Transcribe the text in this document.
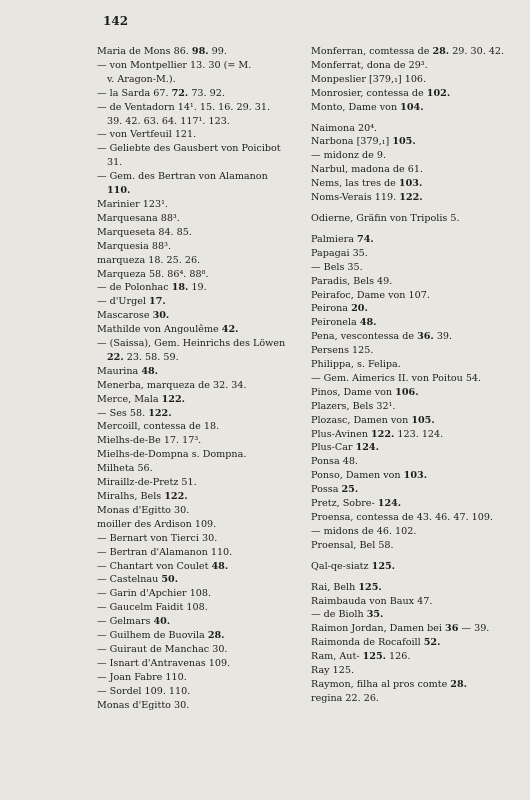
142
Maria de Mons 86. 98. 99.
— von Montpellier 13. 30 (= M.
v. Aragon-M.).
— la Sarda 67. 72. 73. 92.
— de Ventadorn 14¹. 15. 16. 29. 31.
39. 42. 63. 64. 117¹. 123.
— von Vertfeuil 121.
— Geliebte des Gausbert von Poicibot
31.
— Gem. des Bertran von Alamanon
110.
Marinier 123¹.
Marquesana 88³.
Marqueseta 84. 85.
Marquesia 88³.
marqueza 18. 25. 26.
Marqueza 58. 86⁴. 88⁸.
— de Polonhac 18. 19.
— d'Urgel 17.
Mascarose 30.
Mathilde von Angoulême 42.
— (Saissa), Gem. Heinrichs des Löwen
22. 23. 58. 59.
Maurina 48.
Menerba, marqueza de 32. 34.
Merce, Mala 122.
— Ses 58. 122.
Mercoill, contessa de 18.
Mielhs-de-Be 17. 17³.
Mielhs-de-Dompna s. Dompna.
Milheta 56.
Miraillz-de-Pretz 51.
Miralhs, Bels 122.
Monas d'Egitto 30.
moiller des Ardison 109.
— Bernart von Tierci 30.
— Bertran d'Alamanon 110.
— Chantart von Coulet 48.
— Castelnau 50.
— Garin d'Apchier 108.
— Gaucelm Faidit 108.
— Gelmars 40.
— Guilhem de Buovila 28.
— Guiraut de Manchac 30.
— Isnart d'Antravenas 109.
— Joan Fabre 110.
— Sordel 109. 110.
Monas d'Egitto 30.
Monferran, comtessa de 28. 29. 30. 42.
Monferrat, dona de 29³.
Monpeslier [379,₁] 106.
Monrosier, contessa de 102.
Monto, Dame von 104.
Naimona 20⁴.
Narbona [379,₁] 105.
— midonz de 9.
Narbul, madona de 61.
Nems, las tres de 103.
Noms-Verais 119. 122.
Odierne, Gräfin von Tripolis 5.
Palmiera 74.
Papagai 35.
— Bels 35.
Paradis, Bels 49.
Peirafoc, Dame von 107.
Peirona 20.
Peironela 48.
Pena, vescontessa de 36. 39.
Persens 125.
Philippa, s. Felipa.
— Gem. Aimerics II. von Poitou 54.
Pinos, Dame von 106.
Plazers, Bels 32¹.
Plozasc, Damen von 105.
Plus-Avinen 122. 123. 124.
Plus-Car 124.
Ponsa 48.
Ponso, Damen von 103.
Possa 25.
Pretz, Sobre- 124.
Proensa, contessa de 43. 46. 47. 109.
— midons de 46. 102.
Proensal, Bel 58.
Qal-qe-siatz 125.
Rai, Belh 125.
Raimbauda von Baux 47.
— de Biolh 35.
Raimon Jordan, Damen bei 36 — 39.
Raimonda de Rocafoill 52.
Ram, Aut- 125. 126.
Ray 125.
Raymon, filha al pros comte 28.
regina 22. 26.
